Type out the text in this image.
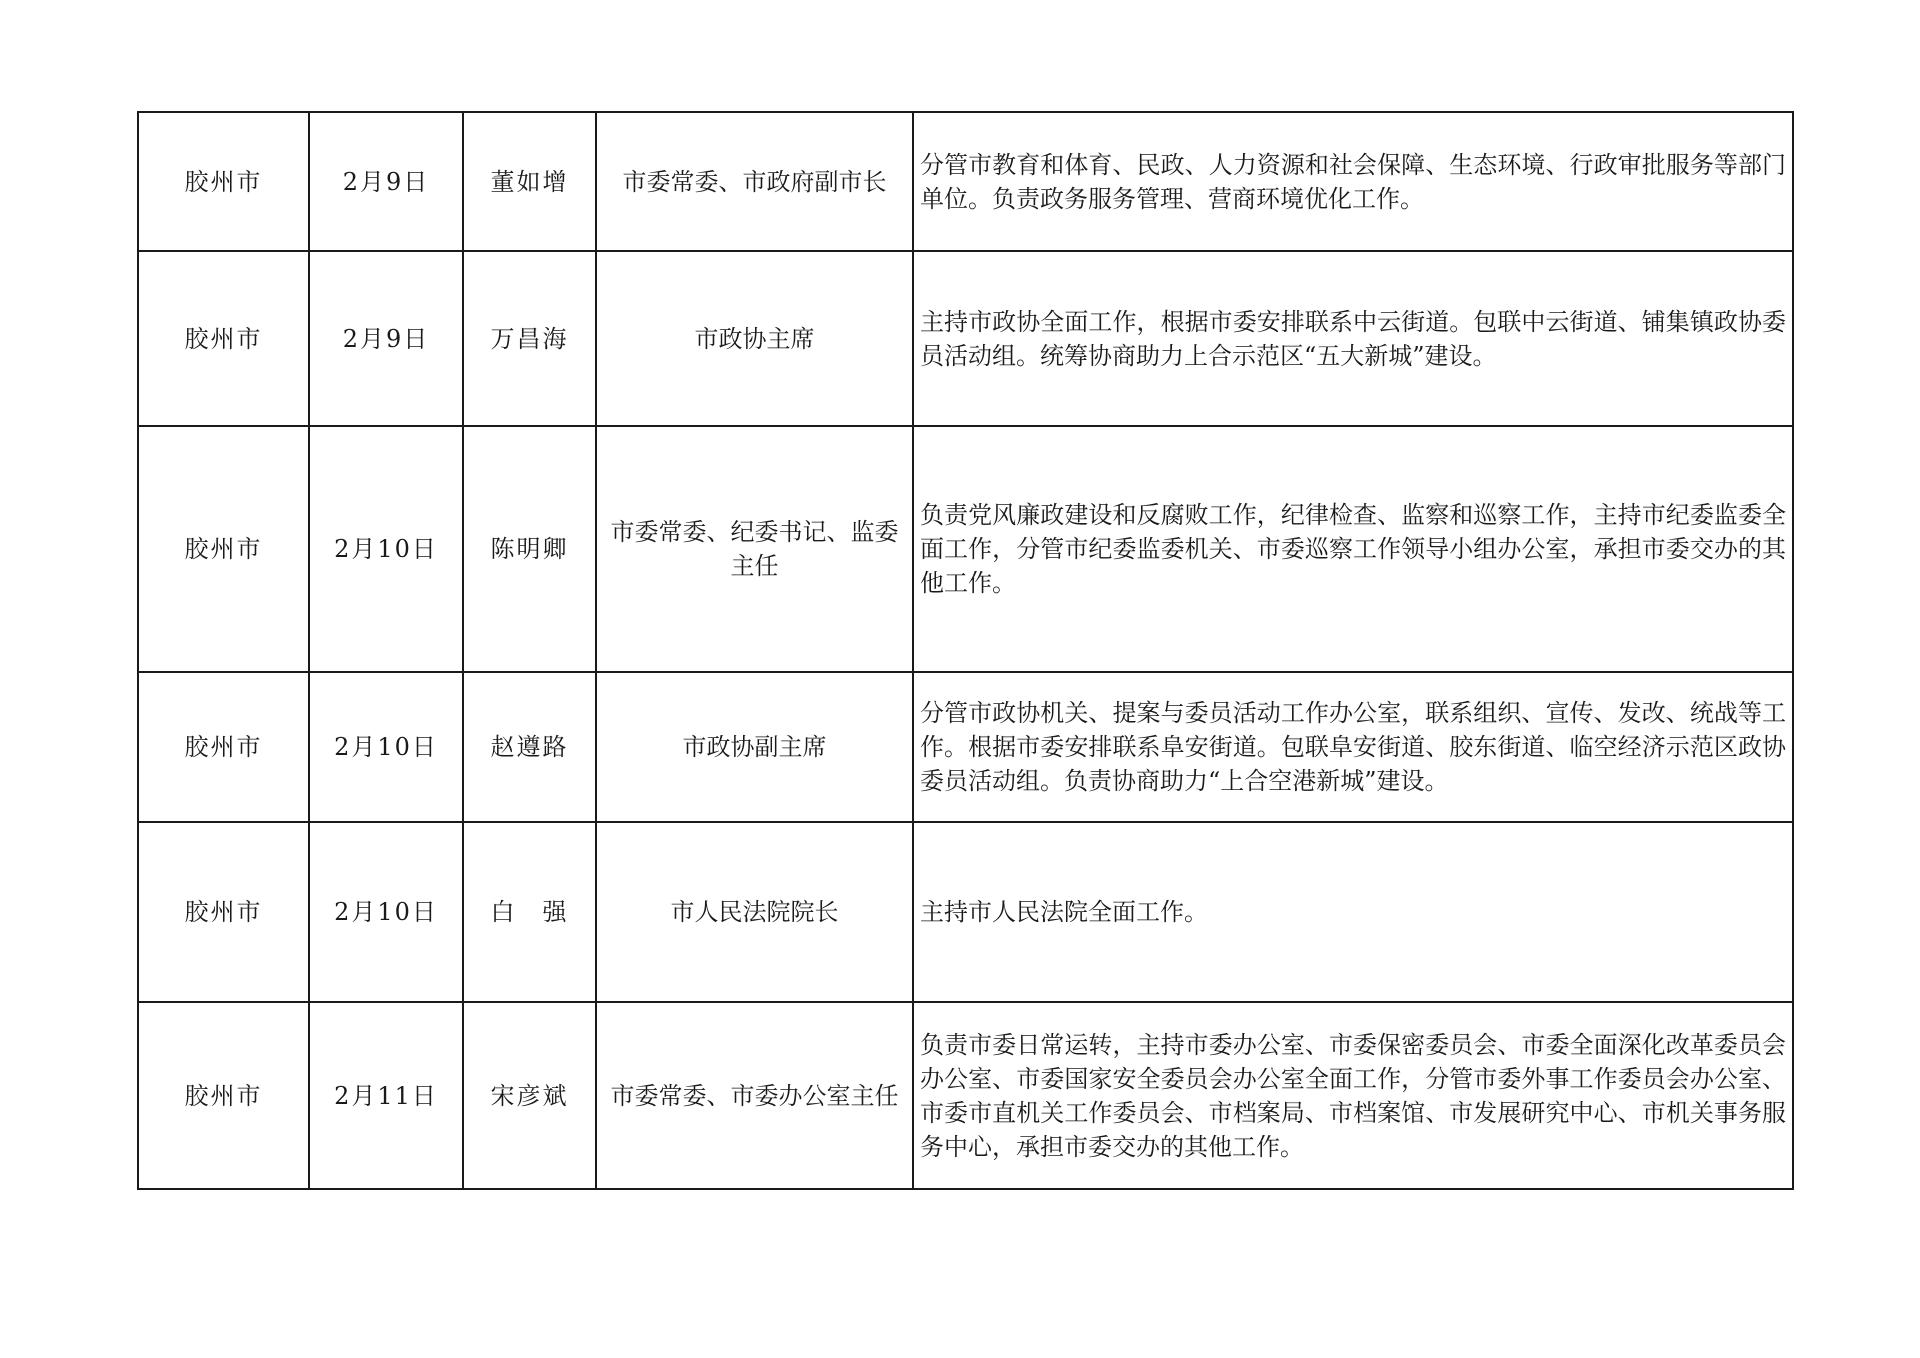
胶州市	2月9日	董如增	市委常委、市政府副市长	分管市教育和体育、民政、人力资源和社会保障、生态环境、行政审批服务等部门单位。负责政务服务管理、营商环境优化工作。
胶州市	2月9日	万昌海	市政协主席	主持市政协全面工作，根据市委安排联系中云街道。包联中云街道、铺集镇政协委员活动组。统筹协商助力上合示范区“五大新城”建设。
胶州市	2月10日	陈明卿	市委常委、纪委书记、监委主任	负责党风廉政建设和反腐败工作，纪律检查、监察和巡察工作，主持市纪委监委全面工作，分管市纪委监委机关、市委巡察工作领导小组办公室，承担市委交办的其他工作。
胶州市	2月10日	赵遵路	市政协副主席	分管市政协机关、提案与委员活动工作办公室，联系组织、宣传、发改、统战等工作。根据市委安排联系阜安街道。包联阜安街道、胶东街道、临空经济示范区政协委员活动组。负责协商助力“上合空港新城”建设。
胶州市	2月10日	白　强	市人民法院院长	主持市人民法院全面工作。
胶州市	2月11日	宋彦斌	市委常委、市委办公室主任	负责市委日常运转，主持市委办公室、市委保密委员会、市委全面深化改革委员会办公室、市委国家安全委员会办公室全面工作，分管市委外事工作委员会办公室、市委市直机关工作委员会、市档案局、市档案馆、市发展研究中心、市机关事务服务中心，承担市委交办的其他工作。
